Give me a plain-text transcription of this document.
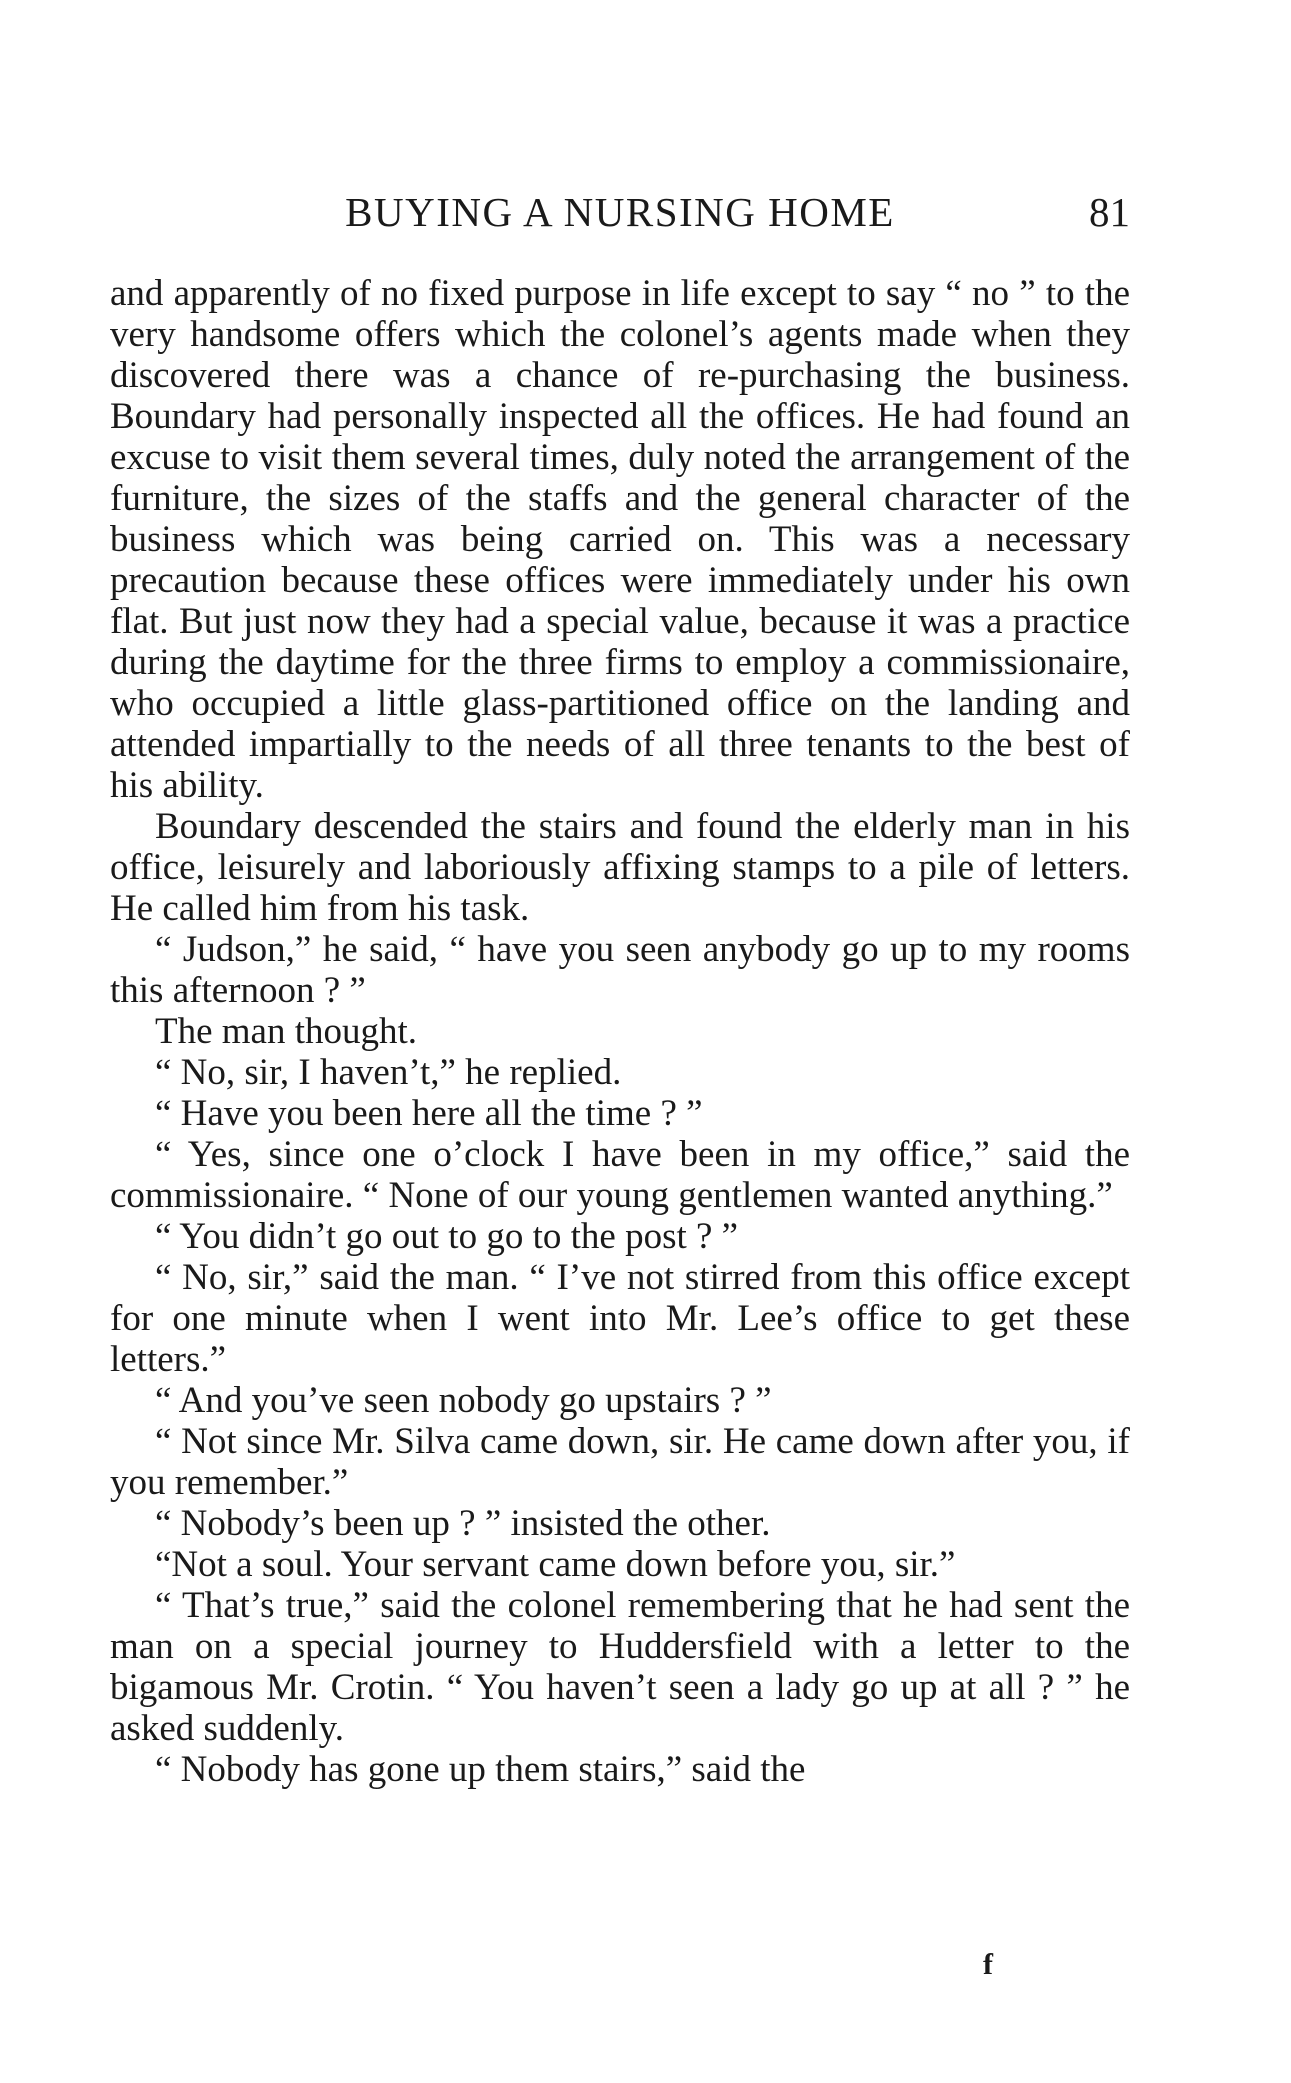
BUYING A NURSING HOME	81

and apparently of no fixed purpose in life except to say “ no ” to the very handsome offers which the colonel’s agents made when they discovered there was a chance of re-purchasing the business. Boundary had personally inspected all the offices. He had found an excuse to visit them several times, duly noted the arrangement of the furniture, the sizes of the staffs and the general character of the business which was being carried on. This was a necessary precaution because these offices were immediately under his own flat. But just now they had a special value, because it was a practice during the daytime for the three firms to employ a commissionaire, who occupied a little glass-partitioned office on the landing and attended impartially to the needs of all three tenants to the best of his ability.

Boundary descended the stairs and found the elderly man in his office, leisurely and laboriously affixing stamps to a pile of letters. He called him from his task.

“ Judson,” he said, “ have you seen anybody go up to my rooms this afternoon ? ”

The man thought.

“ No, sir, I haven’t,” he replied.

“ Have you been here all the time ? ”

“ Yes, since one o’clock I have been in my office,” said the commissionaire. “ None of our young gentlemen wanted anything.”

“ You didn’t go out to go to the post ? ”

“ No, sir,” said the man. “ I’ve not stirred from this office except for one minute when I went into Mr. Lee’s office to get these letters.”

“ And you’ve seen nobody go upstairs ? ”

“ Not since Mr. Silva came down, sir. He came down after you, if you remember.”

“ Nobody’s been up ? ” insisted the other.

“Not a soul. Your servant came down before you, sir.”

“ That’s true,” said the colonel remembering that he had sent the man on a special journey to Huddersfield with a letter to the bigamous Mr. Crotin. “ You haven’t seen a lady go up at all ? ” he asked suddenly.

“ Nobody has gone up them stairs,” said the

f
